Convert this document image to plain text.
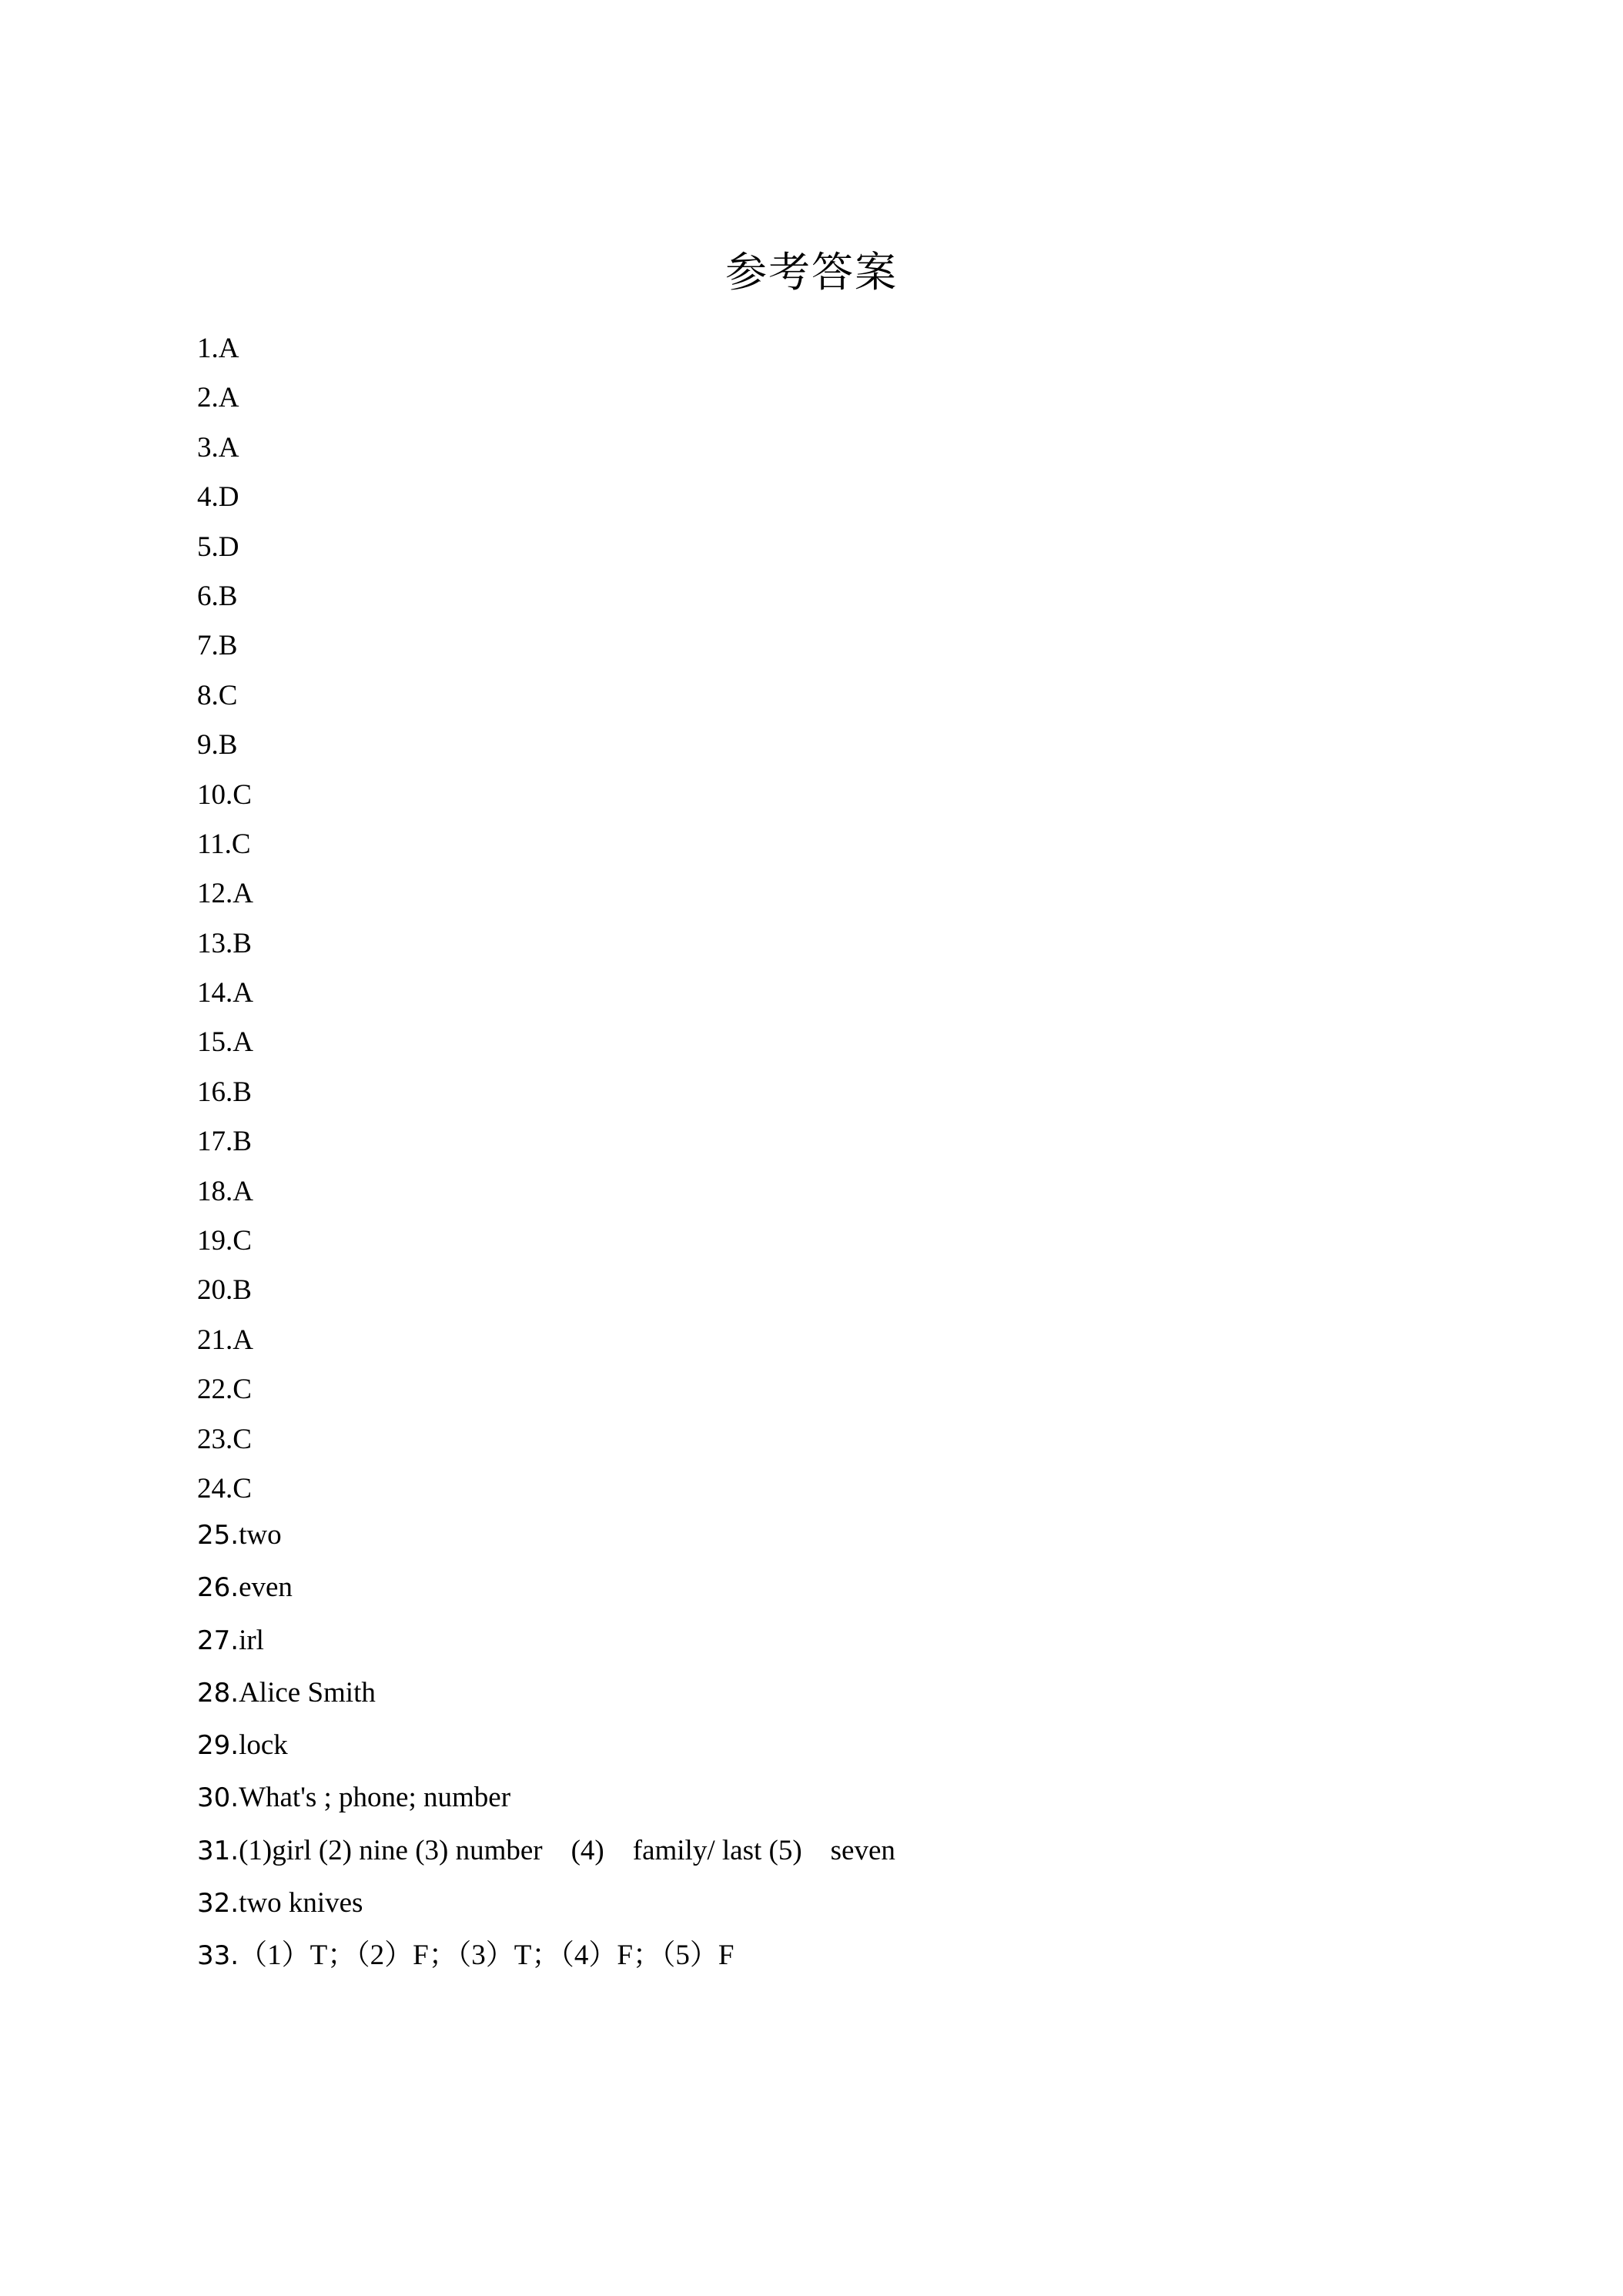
参考答案
1.A
2.A
3.A
4.D
5.D
6.B
7.B
8.C
9.B
10.C
11.C
12.A
13.B
14.A
15.A
16.B
17.B
18.A
19.C
20.B
21.A
22.C
23.C
24.C
25.two
26.even
27.irl
28.Alice Smith
29.lock
30.What's ; phone; number
31.(1)girl (2) nine (3) number    (4)    family/ last (5)    seven
32.two knives
33.（1）T；（2）F；（3）T；（4）F；（5）F
